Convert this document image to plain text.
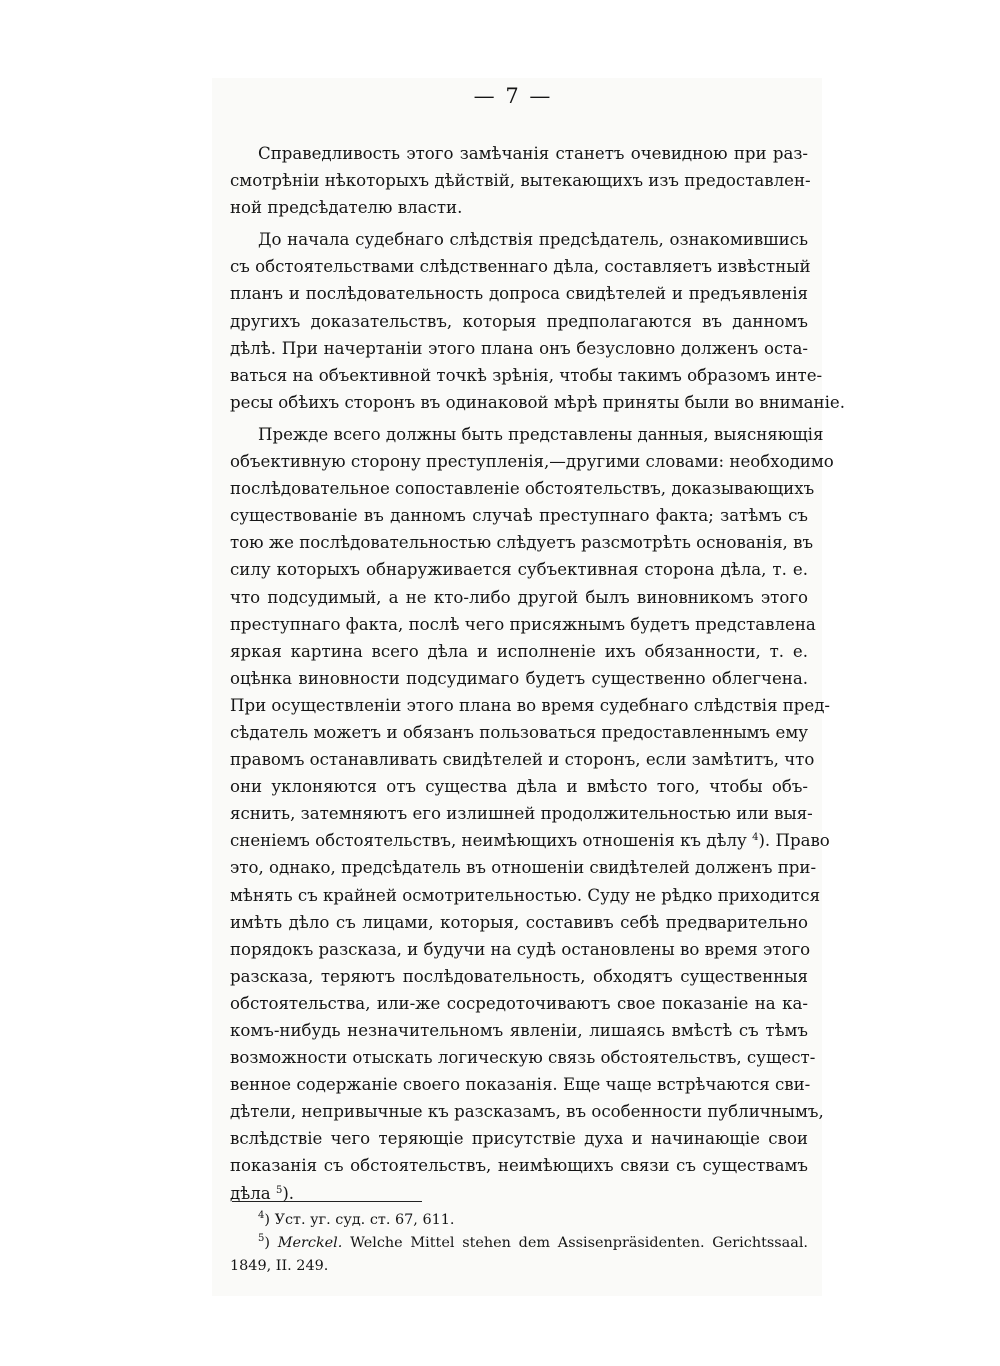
— 7 —
Справедливость этого замѣчанія станетъ очевидною при раз-
смотрѣніи нѣкоторыхъ дѣйствій, вытекающихъ изъ предоставлен-
ной предсѣдателю власти.
До начала судебнаго слѣдствія предсѣдатель, ознакомившись
съ обстоятельствами слѣдственнаго дѣла, составляетъ извѣстный
планъ и послѣдовательность допроса свидѣтелей и предъявленія
другихъ доказательствъ, которыя предполагаются въ данномъ
дѣлѣ. При начертаніи этого плана онъ безусловно долженъ оста-
ваться на объективной точкѣ зрѣнія, чтобы такимъ образомъ инте-
ресы обѣихъ сторонъ въ одинаковой мѣрѣ приняты были во вниманіе.
Прежде всего должны быть представлены данныя, выясняющія
объективную сторону преступленія,—другими словами: необходимо
послѣдовательное сопоставленіе обстоятельствъ, доказывающихъ
существованіе въ данномъ случаѣ преступнаго факта; затѣмъ съ
тою же послѣдовательностью слѣдуетъ разсмотрѣть основанія, въ
силу которыхъ обнаруживается субъективная сторона дѣла, т. е.
что подсудимый, а не кто-либо другой былъ виновникомъ этого
преступнаго факта, послѣ чего присяжнымъ будетъ представлена
яркая картина всего дѣла и исполненіе ихъ обязанности, т. е.
оцѣнка виновности подсудимаго будетъ существенно облегчена.
При осуществленіи этого плана во время судебнаго слѣдствія пред-
сѣдатель можетъ и обязанъ пользоваться предоставленнымъ ему
правомъ останавливать свидѣтелей и сторонъ, если замѣтитъ, что
они уклоняются отъ существа дѣла и вмѣсто того, чтобы объ-
яснить, затемняютъ его излишней продолжительностью или выя-
сненіемъ обстоятельствъ, неимѣющихъ отношенія къ дѣлу $^4$). Право
это, однако, предсѣдатель въ отношеніи свидѣтелей долженъ при-
мѣнять съ крайней осмотрительностью. Суду не рѣдко приходится
имѣть дѣло съ лицами, которыя, составивъ себѣ предварительно
порядокъ разсказа, и будучи на судѣ остановлены во время этого
разсказа, теряютъ послѣдовательность, обходятъ существенныя
обстоятельства, или-же сосредоточиваютъ свое показаніе на ка-
комъ-нибудь незначительномъ явленіи, лишаясь вмѣстѣ съ тѣмъ
возможности отыскать логическую связь обстоятельствъ, сущест-
венное содержаніе своего показанія. Еще чаще встрѣчаются сви-
дѣтели, непривычные къ разсказамъ, въ особенности публичнымъ,
вслѣдствіе чего теряющіе присутствіе духа и начинающіе свои
показанія съ обстоятельствъ, неимѣющихъ связи съ существамъ
дѣла $^5$).
$^4$) Уст. уг. суд. ст. 67, 611.
$^5$) Merckel. Welche Mittel stehen dem Assisenpräsidenten. Gerichtssaal.
1849, II. 249.
